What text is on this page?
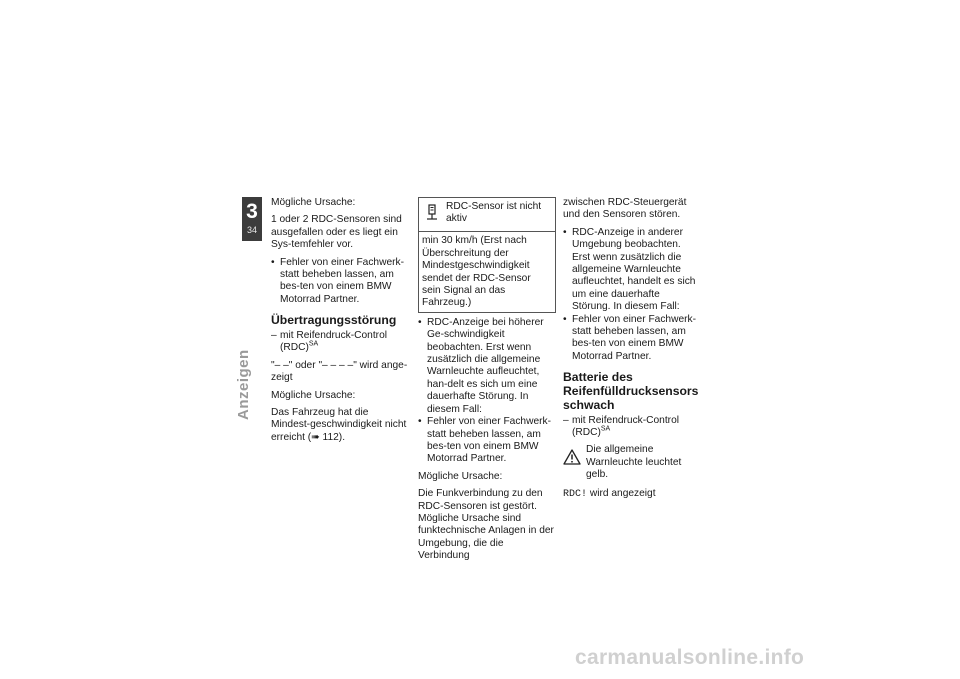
3
34
Anzeigen

Mögliche Ursache:

1 oder 2 RDC-Sensoren sind ausgefallen oder es liegt ein Sys-temfehler vor.

• Fehler von einer Fachwerk-statt beheben lassen, am bes-ten von einem BMW Motorrad Partner.
Übertragungsstörung
– mit Reifendruck-Control (RDC)$^{SA}$

"– –" oder "– – – –" wird ange-zeigt

Mögliche Ursache:

Das Fahrzeug hat die Mindest-geschwindigkeit nicht erreicht (➠ 112).

RDC-Sensor ist nicht aktiv
min 30 km/h (Erst nach Überschreitung der Mindestgeschwindigkeit sendet der RDC-Sensor sein Signal an das Fahrzeug.)
• RDC-Anzeige bei höherer Ge-schwindigkeit beobachten. Erst wenn zusätzlich die allgemeine Warnleuchte aufleuchtet, han-delt es sich um eine dauerhafte Störung. In diesem Fall:
• Fehler von einer Fachwerk-statt beheben lassen, am bes-ten von einem BMW Motorrad Partner.

Mögliche Ursache:

Die Funkverbindung zu den RDC-Sensoren ist gestört. Mögliche Ursache sind funktechnische Anlagen in der Umgebung, die die Verbindung

zwischen RDC-Steuergerät und den Sensoren stören.

• RDC-Anzeige in anderer Umgebung beobachten. Erst wenn zusätzlich die allgemeine Warnleuchte aufleuchtet, handelt es sich um eine dauerhafte Störung. In diesem Fall:
• Fehler von einer Fachwerk-statt beheben lassen, am bes-ten von einem BMW Motorrad Partner.
Batterie des Reifenfülldrucksensors schwach
– mit Reifendruck-Control (RDC)$^{SA}$
Die allgemeine Warnleuchte leuchtet gelb.

RDC! wird angezeigt

carmanualsonline.info
